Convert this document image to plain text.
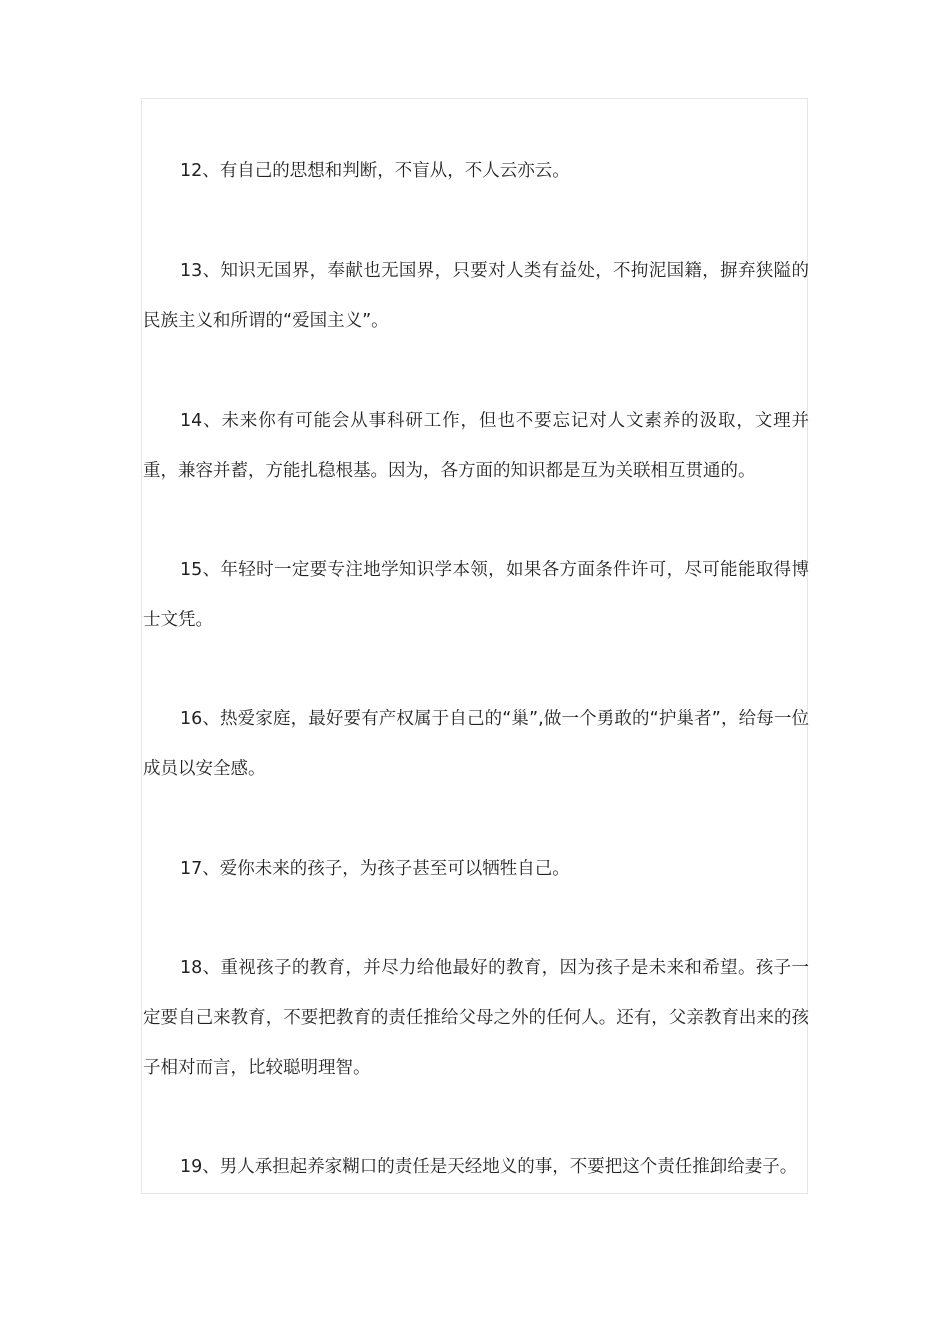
12、有自己的思想和判断，不盲从，不人云亦云。

13、知识无国界，奉献也无国界，只要对人类有益处，不拘泥国籍，摒弃狭隘的民族主义和所谓的“爱国主义”。

14、未来你有可能会从事科研工作，但也不要忘记对人文素养的汲取，文理并重，兼容并蓄，方能扎稳根基。因为，各方面的知识都是互为关联相互贯通的。

15、年轻时一定要专注地学知识学本领，如果各方面条件许可，尽可能能取得博士文凭。

16、热爱家庭，最好要有产权属于自己的“巢”,做一个勇敢的“护巢者”，给每一位成员以安全感。

17、爱你未来的孩子，为孩子甚至可以牺牲自己。

18、重视孩子的教育，并尽力给他最好的教育，因为孩子是未来和希望。孩子一定要自己来教育，不要把教育的责任推给父母之外的任何人。还有，父亲教育出来的孩子相对而言，比较聪明理智。

19、男人承担起养家糊口的责任是天经地义的事，不要把这个责任推卸给妻子。
